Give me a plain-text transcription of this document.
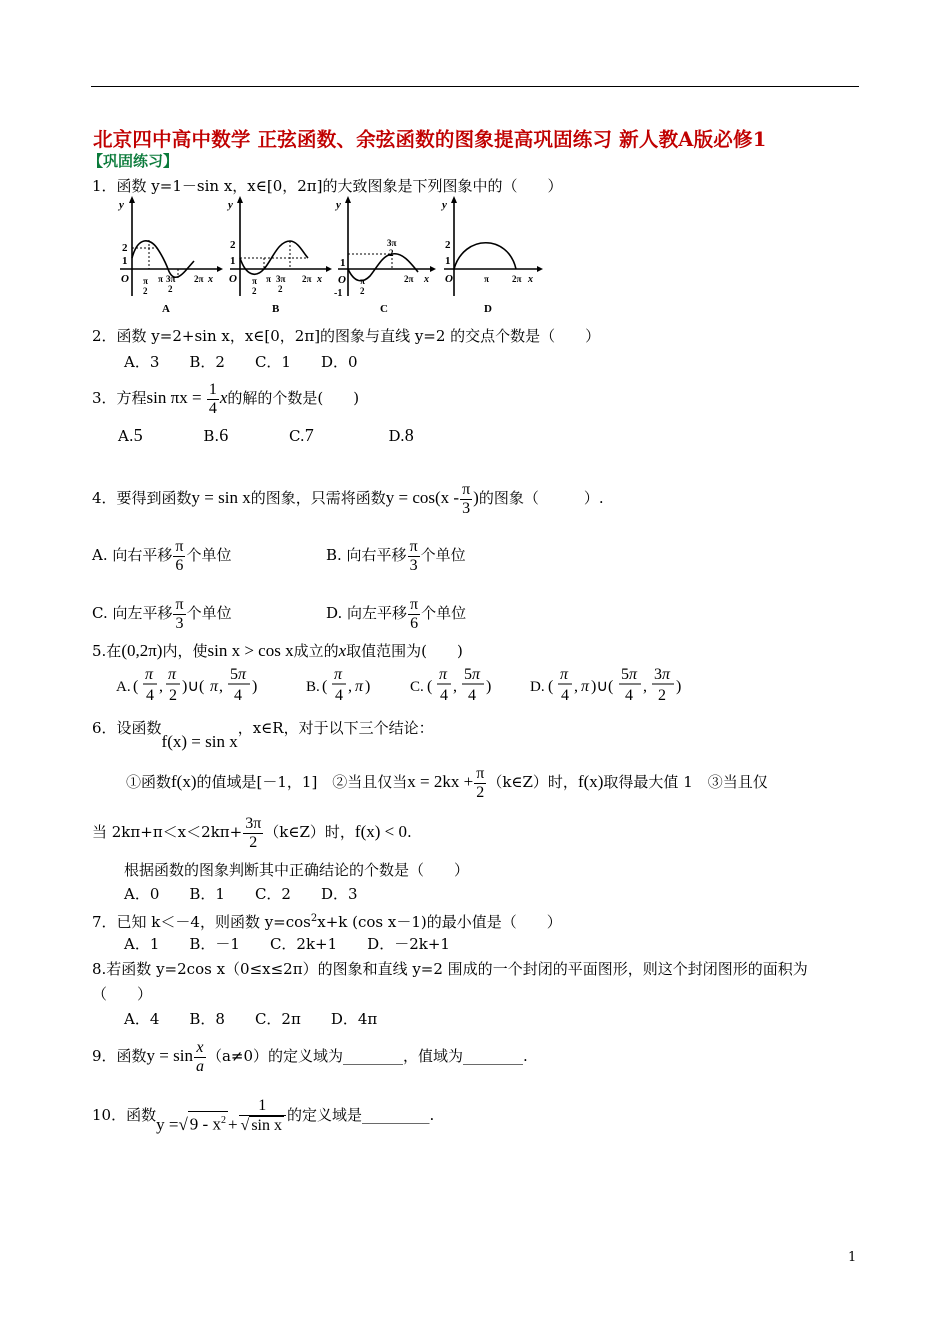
北京四中高中数学 正弦函数、余弦函数的图象提高巩固练习 新人教A版必修1
【巩固练习】
1．函数 y=1－sin x，x∈[0，2π]的大致图象是下列图象中的（　　）
y
2
1
O π
2
π 3π
2
2π x
A
y
2
1
O π
2
π 3π
2
2π x
B
y
1
O
-1
π
2
3π
2
2π x
C
y
2
1
O	π	2π x
D
2．函数 y=2+sin x，x∈[0，2π]的图象与直线 y=2 的交点个数是（　　）
A．3　　B．2　　C．1　　D．0
3．方程$\sin \pi x = \frac{1}{4}$ x的解的个数是(　　)
A.5	B.6	C.7	D.8
4．要得到函数y = sin x的图象，只需将函数$y = \cos(x - \frac{\pi}{3}$ )的图象（　　　）.
A. 向右平移 $\frac{\pi}{6}$ 个单位	B. 向右平移 $\frac{\pi}{3}$ 个单位
C. 向左平移 $\frac{\pi}{3}$ 个单位	D. 向左平移 $\frac{\pi}{6}$ 个单位
5.在(0,2π)内，使sin x > cos x成立的x取值范围为(　　)
A. (
π
4
,
π
2
)∪( π ,
5 π
4
)	B. (
π
4
, π )	C. (
π
4
,
5 π
4
)	D. (
π
4
, π )∪(
5 π
4
,
3 π
2
)
6．设函数f(x) = sin x，x∈R，对于以下三个结论：
①函数f(x)的值域是[－1，1]　②当且仅当$x = 2kx + \frac{\pi}{2}$ （k∈Z）时，f(x)取得最大值 1　③当且仅
当 $2k\pi+\pi<x<2k\pi+ \frac{3\pi}{2}$ （k∈Z）时，f(x) < 0.
根据函数的图象判断其中正确结论的个数是（　　）
A．0　　B．1　　C．2　　D．3
7．已知 k＜－4，则函数 $y=\cos^2x+k$ (cos x－1)的最小值是（　　）
A．1　　B．－1　　C．2k+1　　D．－2k+1
8.若函数 y=2cos x（0≤x≤2π）的图象和直线 y=2 围成的一个封闭的平面图形，则这个封闭图形的面积为
（　　）
A．4　　B．8　　C．2π　　D．4π
9．函数$y = \sin \frac{x}{a} (a\ne 0)$的定义域为________，值域为________.
10．函数y =√ $9 - x^2 + \frac{1}{\text{√ sin x}}$ 的定义域是_________.
1
